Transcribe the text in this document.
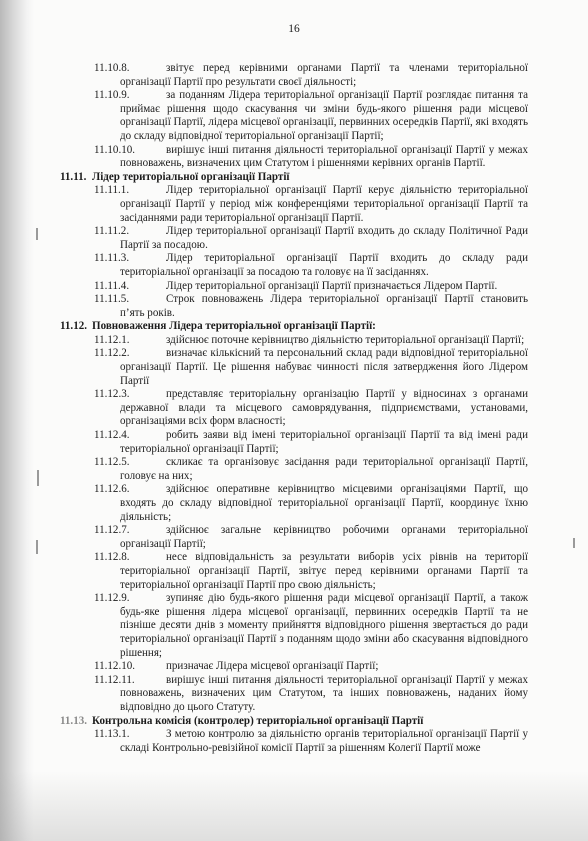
16
11.10.8.	звітує перед керівними органами Партії та членами територіальної організації Партії про результати своєї діяльності;
11.10.9.	за поданням Лідера територіальної організації Партії розглядає питання та приймає рішення щодо скасування чи зміни будь-якого рішення ради місцевої організації Партії, лідера місцевої організації, первинних осередків Партії, які входять до складу відповідної територіальної організації Партії;
11.10.10.	вирішує інші питання діяльності територіальної організації Партії у межах повноважень, визначених цим Статутом і рішеннями керівних органів Партії.
11.11. Лідер територіальної організації Партії
11.11.1.	Лідер територіальної організації Партії керує діяльністю територіальної організації Партії у період між конференціями територіальної організації Партії та засіданнями ради територіальної організації Партії.
11.11.2.	Лідер територіальної організації Партії входить до складу Політичної Ради Партії за посадою.
11.11.3.	Лідер територіальної організації Партії входить до складу ради територіальної організації за посадою та головує на її засіданнях.
11.11.4.	Лідер територіальної організації Партії призначається Лідером Партії.
11.11.5.	Строк повноважень Лідера територіальної організації Партії становить п’ять років.
11.12. Повноваження Лідера територіальної організації Партії:
11.12.1.	здійснює поточне керівництво діяльністю територіальної організації Партії;
11.12.2.	визначає кількісний та персональний склад ради відповідної територіальної організації Партії. Це рішення набуває чинності після затвердження його Лідером Партії
11.12.3.	представляє територіальну організацію Партії у відносинах з органами державної влади та місцевого самоврядування, підприємствами, установами, організаціями всіх форм власності;
11.12.4.	робить заяви від імені територіальної організації Партії та від імені ради територіальної організації Партії;
11.12.5.	скликає та організовує засідання ради територіальної організації Партії, головує на них;
11.12.6.	здійснює оперативне керівництво місцевими організаціями Партії, що входять до складу відповідної територіальної організації Партії, координує їхню діяльність;
11.12.7.	здійснює загальне керівництво робочими органами територіальної організації Партії;
11.12.8.	несе відповідальність за результати виборів усіх рівнів на території територіальної організації Партії, звітує перед керівними органами Партії та територіальної організації Партії про свою діяльність;
11.12.9.	зупиняє дію будь-якого рішення ради місцевої організації Партії, а також будь-яке рішення лідера місцевої організації, первинних осередків Партії та не пізніше десяти днів з моменту прийняття відповідного рішення звертається до ради територіальної організації Партії з поданням щодо зміни або скасування відповідного рішення;
11.12.10.	призначає Лідера місцевої організації Партії;
11.12.11.	вирішує інші питання діяльності територіальної організації Партії у межах повноважень, визначених цим Статутом, та інших повноважень, наданих йому відповідно до цього Статуту.
11.13. Контрольна комісія (контролер) територіальної організації Партії
11.13.1.	З метою контролю за діяльністю органів територіальної організації Партії у складі Контрольно-ревізійної комісії Партії за рішенням Колегії Партії може
